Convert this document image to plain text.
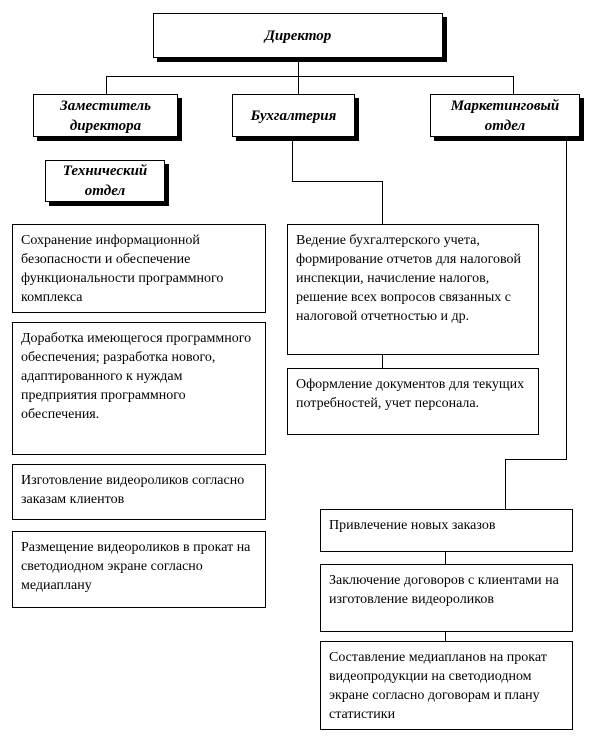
Директор
Заместитель директора
Бухгалтерия
Маркетинговый отдел
Технический отдел
Сохранение информационной безопасности и обеспечение функциональности программного комплекса
Доработка имеющегося программного обеспечения; разработка нового, адаптированного к нуждам предприятия программного обеспечения.
Изготовление видеороликов согласно заказам клиентов
Размещение видеороликов в прокат на светодиодном экране согласно медиаплану
Ведение бухгалтерского учета, формирование отчетов для налоговой инспекции, начисление налогов, решение всех вопросов связанных с налоговой отчетностью и др.
Оформление документов для текущих потребностей, учет персонала.
Привлечение новых заказов
Заключение договоров с клиентами на изготовление видеороликов
Составление медиапланов на прокат видеопродукции на светодиодном экране согласно договорам и плану статистики
